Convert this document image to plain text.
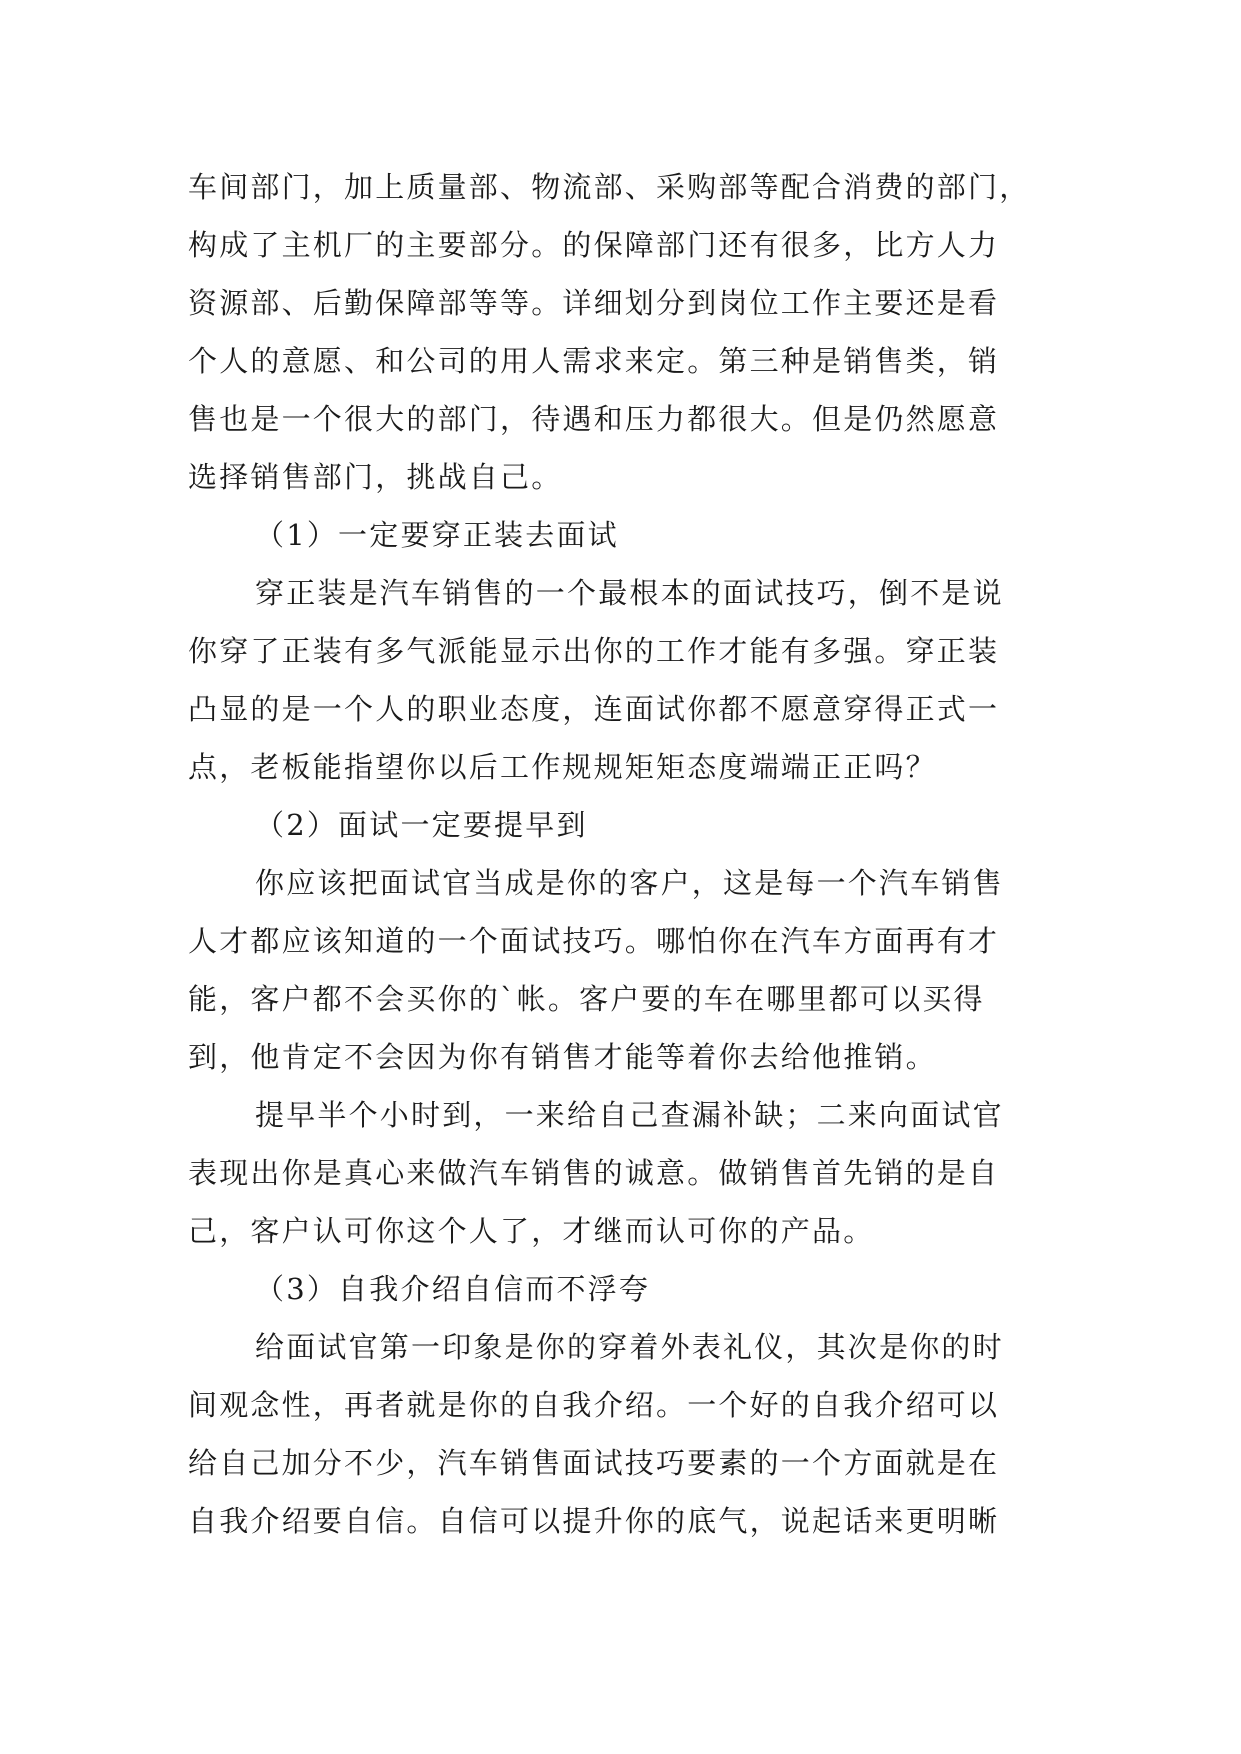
车间部门，加上质量部、物流部、采购部等配合消费的部门，
构成了主机厂的主要部分。的保障部门还有很多，比方人力
资源部、后勤保障部等等。详细划分到岗位工作主要还是看
个人的意愿、和公司的用人需求来定。第三种是销售类，销
售也是一个很大的部门，待遇和压力都很大。但是仍然愿意
选择销售部门，挑战自己。
（1）一定要穿正装去面试
穿正装是汽车销售的一个最根本的面试技巧，倒不是说
你穿了正装有多气派能显示出你的工作才能有多强。穿正装
凸显的是一个人的职业态度，连面试你都不愿意穿得正式一
点，老板能指望你以后工作规规矩矩态度端端正正吗？
（2）面试一定要提早到
你应该把面试官当成是你的客户，这是每一个汽车销售
人才都应该知道的一个面试技巧。哪怕你在汽车方面再有才
能，客户都不会买你的`帐。客户要的车在哪里都可以买得
到，他肯定不会因为你有销售才能等着你去给他推销。
提早半个小时到，一来给自己查漏补缺；二来向面试官
表现出你是真心来做汽车销售的诚意。做销售首先销的是自
己，客户认可你这个人了，才继而认可你的产品。
（3）自我介绍自信而不浮夸
给面试官第一印象是你的穿着外表礼仪，其次是你的时
间观念性，再者就是你的自我介绍。一个好的自我介绍可以
给自己加分不少，汽车销售面试技巧要素的一个方面就是在
自我介绍要自信。自信可以提升你的底气，说起话来更明晰
